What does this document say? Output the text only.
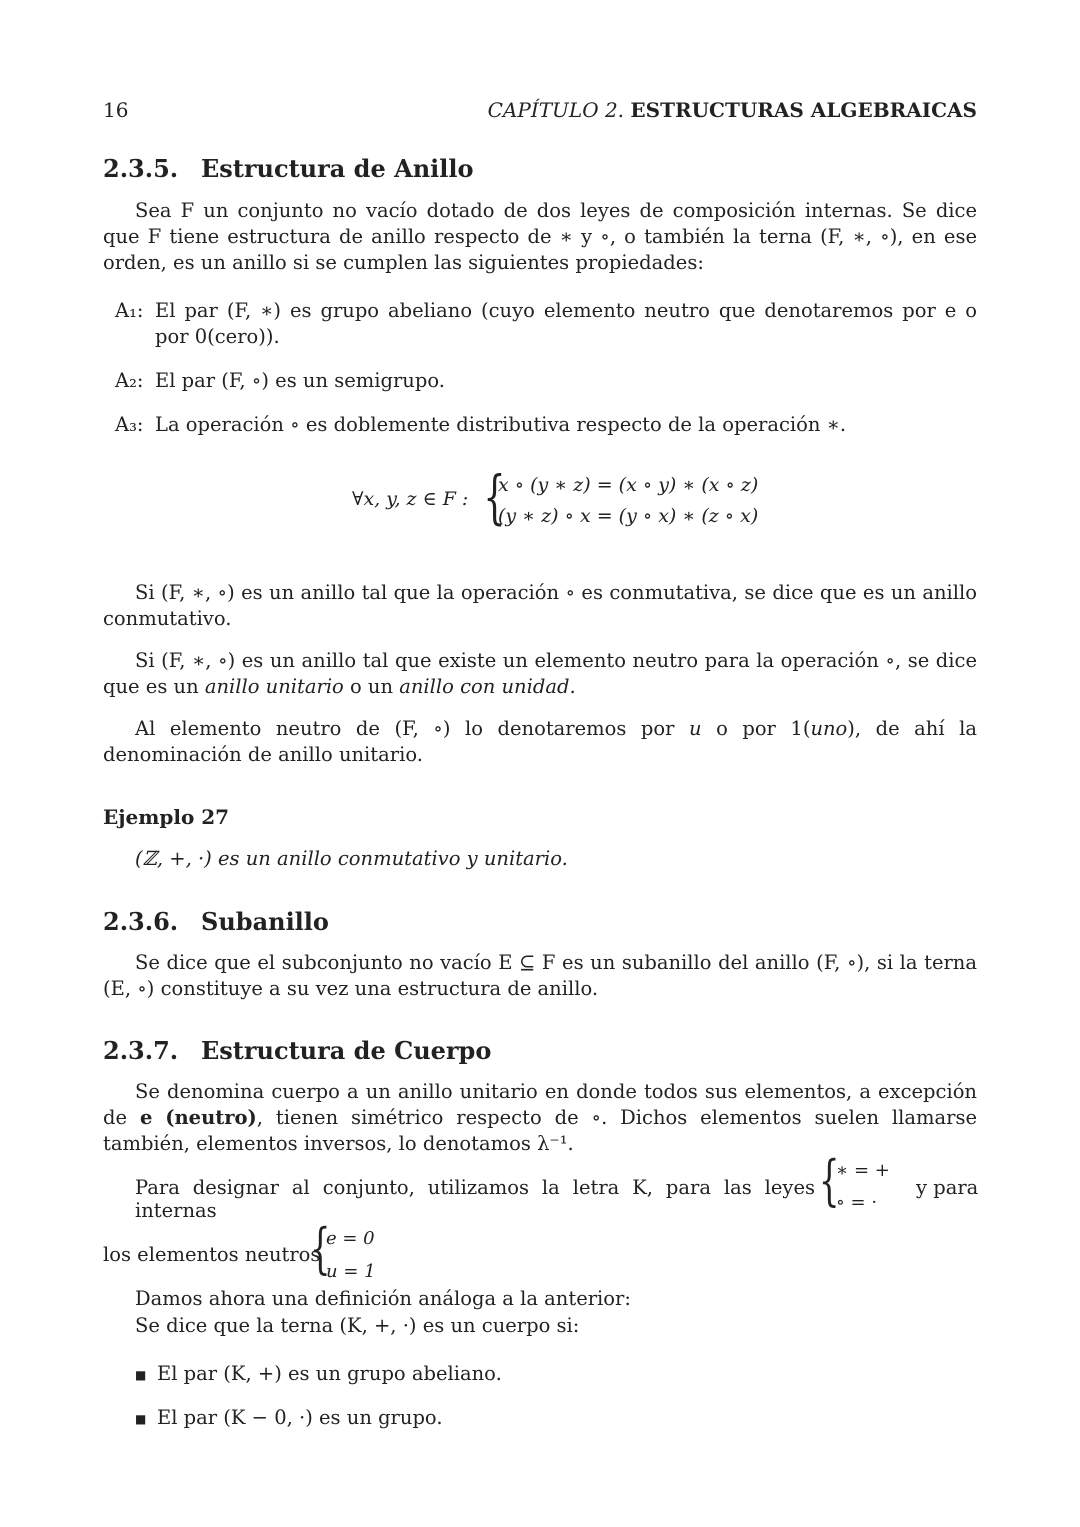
16	CAPÍTULO 2. ESTRUCTURAS ALGEBRAICAS
2.3.5. Estructura de Anillo
Sea F un conjunto no vacío dotado de dos leyes de composición internas. Se dice que F tiene estructura de anillo respecto de ∗ y ∘, o también la terna (F, ∗, ∘), en ese orden, es un anillo si se cumplen las siguientes propiedades:
A₁: El par (F, ∗) es grupo abeliano (cuyo elemento neutro que denotaremos por e o por 0(cero)).
A₂: El par (F, ∘) es un semigrupo.
A₃: La operación ∘ es doblemente distributiva respecto de la operación ∗.
∀x, y, z ∈ F : {
x ∘ (y ∗ z) = (x ∘ y) ∗ (x ∘ z)
(y ∗ z) ∘ x = (y ∘ x) ∗ (z ∘ x)
Si (F, ∗, ∘) es un anillo tal que la operación ∘ es conmutativa, se dice que es un anillo conmutativo.
Si (F, ∗, ∘) es un anillo tal que existe un elemento neutro para la operación ∘, se dice que es un anillo unitario o un anillo con unidad.
Al elemento neutro de (F, ∘) lo denotaremos por u o por 1(uno), de ahí la denominación de anillo unitario.
Ejemplo 27
(ℤ, +, ·) es un anillo conmutativo y unitario.
2.3.6. Subanillo
Se dice que el subconjunto no vacío E ⊆ F es un subanillo del anillo (F, ∘), si la terna (E, ∘) constituye a su vez una estructura de anillo.
2.3.7. Estructura de Cuerpo
Se denomina cuerpo a un anillo unitario en donde todos sus elementos, a excepción de e (neutro), tienen simétrico respecto de ∘. Dichos elementos suelen llamarse también, elementos inversos, lo denotamos λ⁻¹.
Para designar al conjunto, utilizamos la letra K, para las leyes internas	{
∗ = +
∘ = ·
y para
los elementos neutros
{
e = 0
u = 1
Damos ahora una definición análoga a la anterior:
Se dice que la terna (K, +, ·) es un cuerpo si:
■ El par (K, +) es un grupo abeliano.
■ El par (K − 0, ·) es un grupo.
